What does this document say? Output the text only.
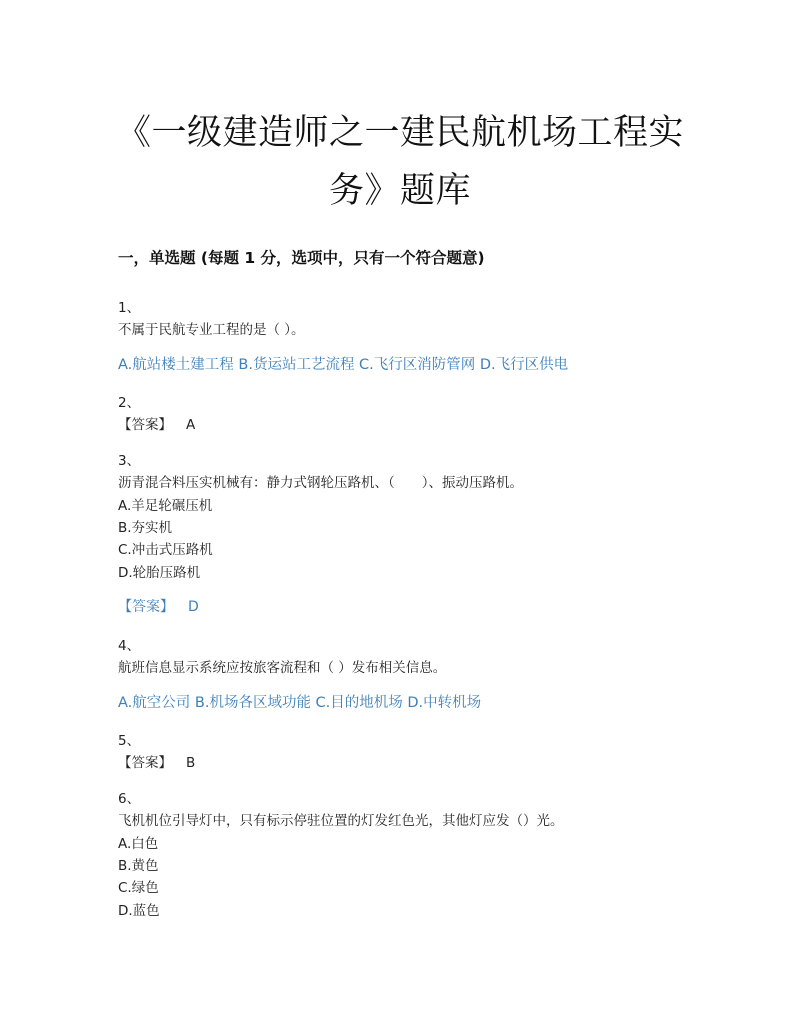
《一级建造师之一建民航机场工程实
务》题库
一，单选题 (每题 1 分，选项中，只有一个符合题意)
1、
不属于民航专业工程的是（ ）。
A.航站楼土建工程 B.货运站工艺流程 C.飞行区消防管网 D.飞行区供电
2、
【答案】 A
3、
沥青混合料压实机械有：静力式钢轮压路机、（　　）、振动压路机。
A.羊足轮碾压机
B.夯实机
C.冲击式压路机
D.轮胎压路机
【答案】 D
4、
航班信息显示系统应按旅客流程和（ ）发布相关信息。
A.航空公司 B.机场各区域功能 C.目的地机场 D.中转机场
5、
【答案】 B
6、
飞机机位引导灯中，只有标示停驻位置的灯发红色光，其他灯应发（）光。
A.白色
B.黄色
C.绿色
D.蓝色
